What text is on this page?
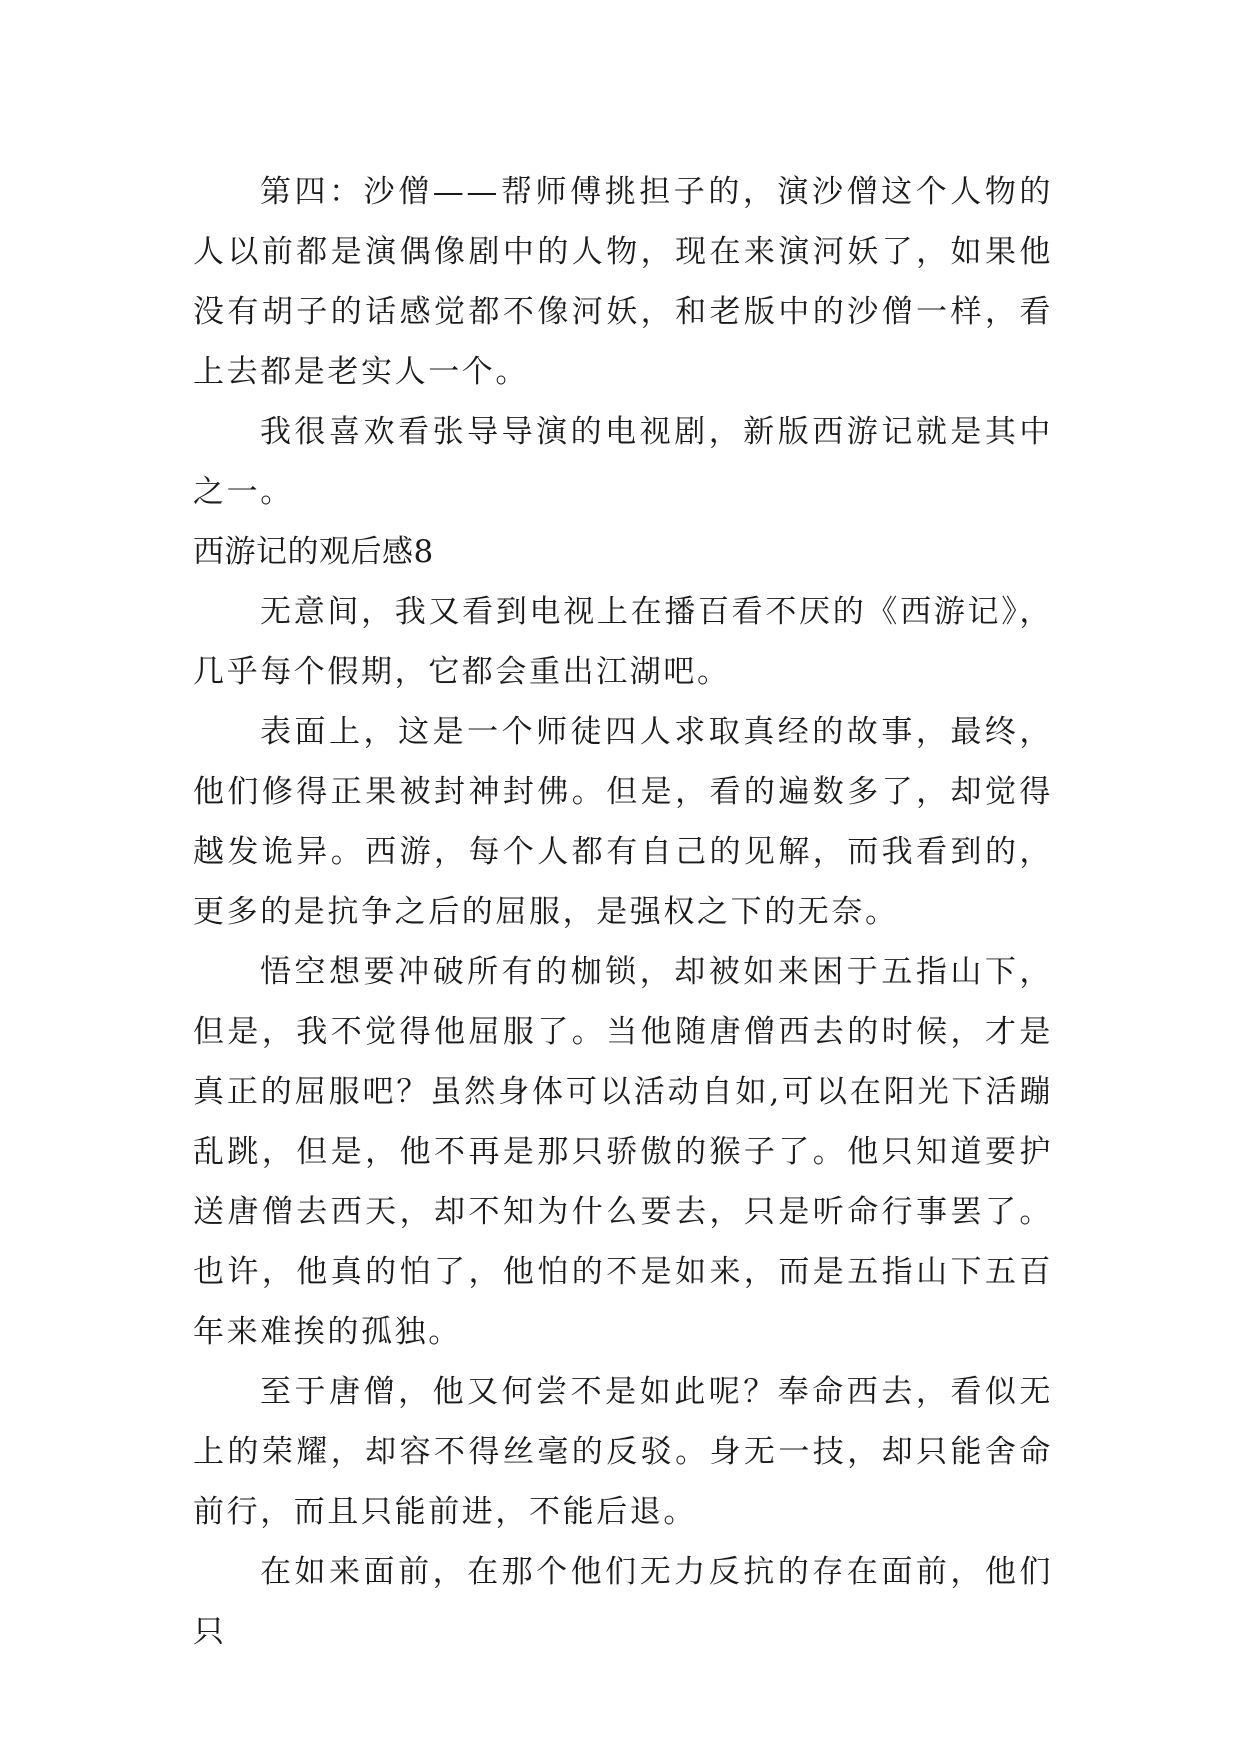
第四：沙僧——帮师傅挑担子的，演沙僧这个人物的人以前都是演偶像剧中的人物，现在来演河妖了，如果他没有胡子的话感觉都不像河妖，和老版中的沙僧一样，看上去都是老实人一个。

我很喜欢看张导导演的电视剧，新版西游记就是其中之一。

西游记的观后感8

无意间，我又看到电视上在播百看不厌的《西游记》，几乎每个假期，它都会重出江湖吧。

表面上，这是一个师徒四人求取真经的故事，最终，他们修得正果被封神封佛。但是，看的遍数多了，却觉得越发诡异。西游，每个人都有自己的见解，而我看到的，更多的是抗争之后的屈服，是强权之下的无奈。

悟空想要冲破所有的枷锁，却被如来困于五指山下，但是，我不觉得他屈服了。当他随唐僧西去的时候，才是真正的屈服吧？虽然身体可以活动自如,可以在阳光下活蹦乱跳，但是，他不再是那只骄傲的猴子了。他只知道要护送唐僧去西天，却不知为什么要去，只是听命行事罢了。也许，他真的怕了，他怕的不是如来，而是五指山下五百年来难挨的孤独。

至于唐僧，他又何尝不是如此呢？奉命西去，看似无上的荣耀，却容不得丝毫的反驳。身无一技，却只能舍命前行，而且只能前进，不能后退。

在如来面前，在那个他们无力反抗的存在面前，他们只
